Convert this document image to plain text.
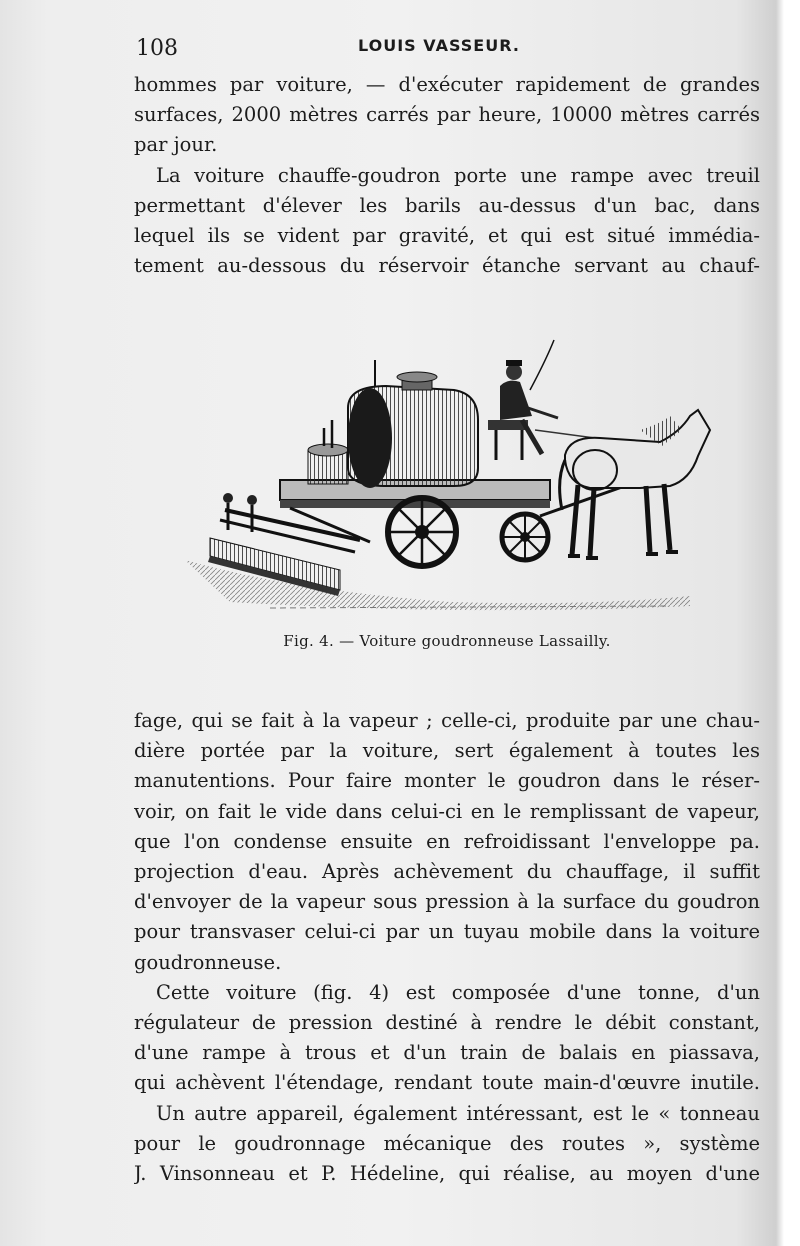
108	LOUIS VASSEUR.
hommes par voiture, — d'exécuter rapidement de grandes
surfaces, 2000 mètres carrés par heure, 10000 mètres carrés
par jour.
La voiture chauffe-goudron porte une rampe avec treuil
permettant d'élever les barils au-dessus d'un bac, dans
lequel ils se vident par gravité, et qui est situé immédia-
tement au-dessous du réservoir étanche servant au chauf-
Fig. 4. — Voiture goudronneuse Lassailly.
fage, qui se fait à la vapeur ; celle-ci, produite par une chau-
dière portée par la voiture, sert également à toutes les
manutentions. Pour faire monter le goudron dans le réser-
voir, on fait le vide dans celui-ci en le remplissant de vapeur,
que l'on condense ensuite en refroidissant l'enveloppe pa.
projection d'eau. Après achèvement du chauffage, il suffit
d'envoyer de la vapeur sous pression à la surface du goudron
pour transvaser celui-ci par un tuyau mobile dans la voiture
goudronneuse.
Cette voiture (fig. 4) est composée d'une tonne, d'un
régulateur de pression destiné à rendre le débit constant,
d'une rampe à trous et d'un train de balais en piassava,
qui achèvent l'étendage, rendant toute main-d'œuvre inutile.
Un autre appareil, également intéressant, est le « tonneau
pour le goudronnage mécanique des routes », système
J. Vinsonneau et P. Hédeline, qui réalise, au moyen d'une
